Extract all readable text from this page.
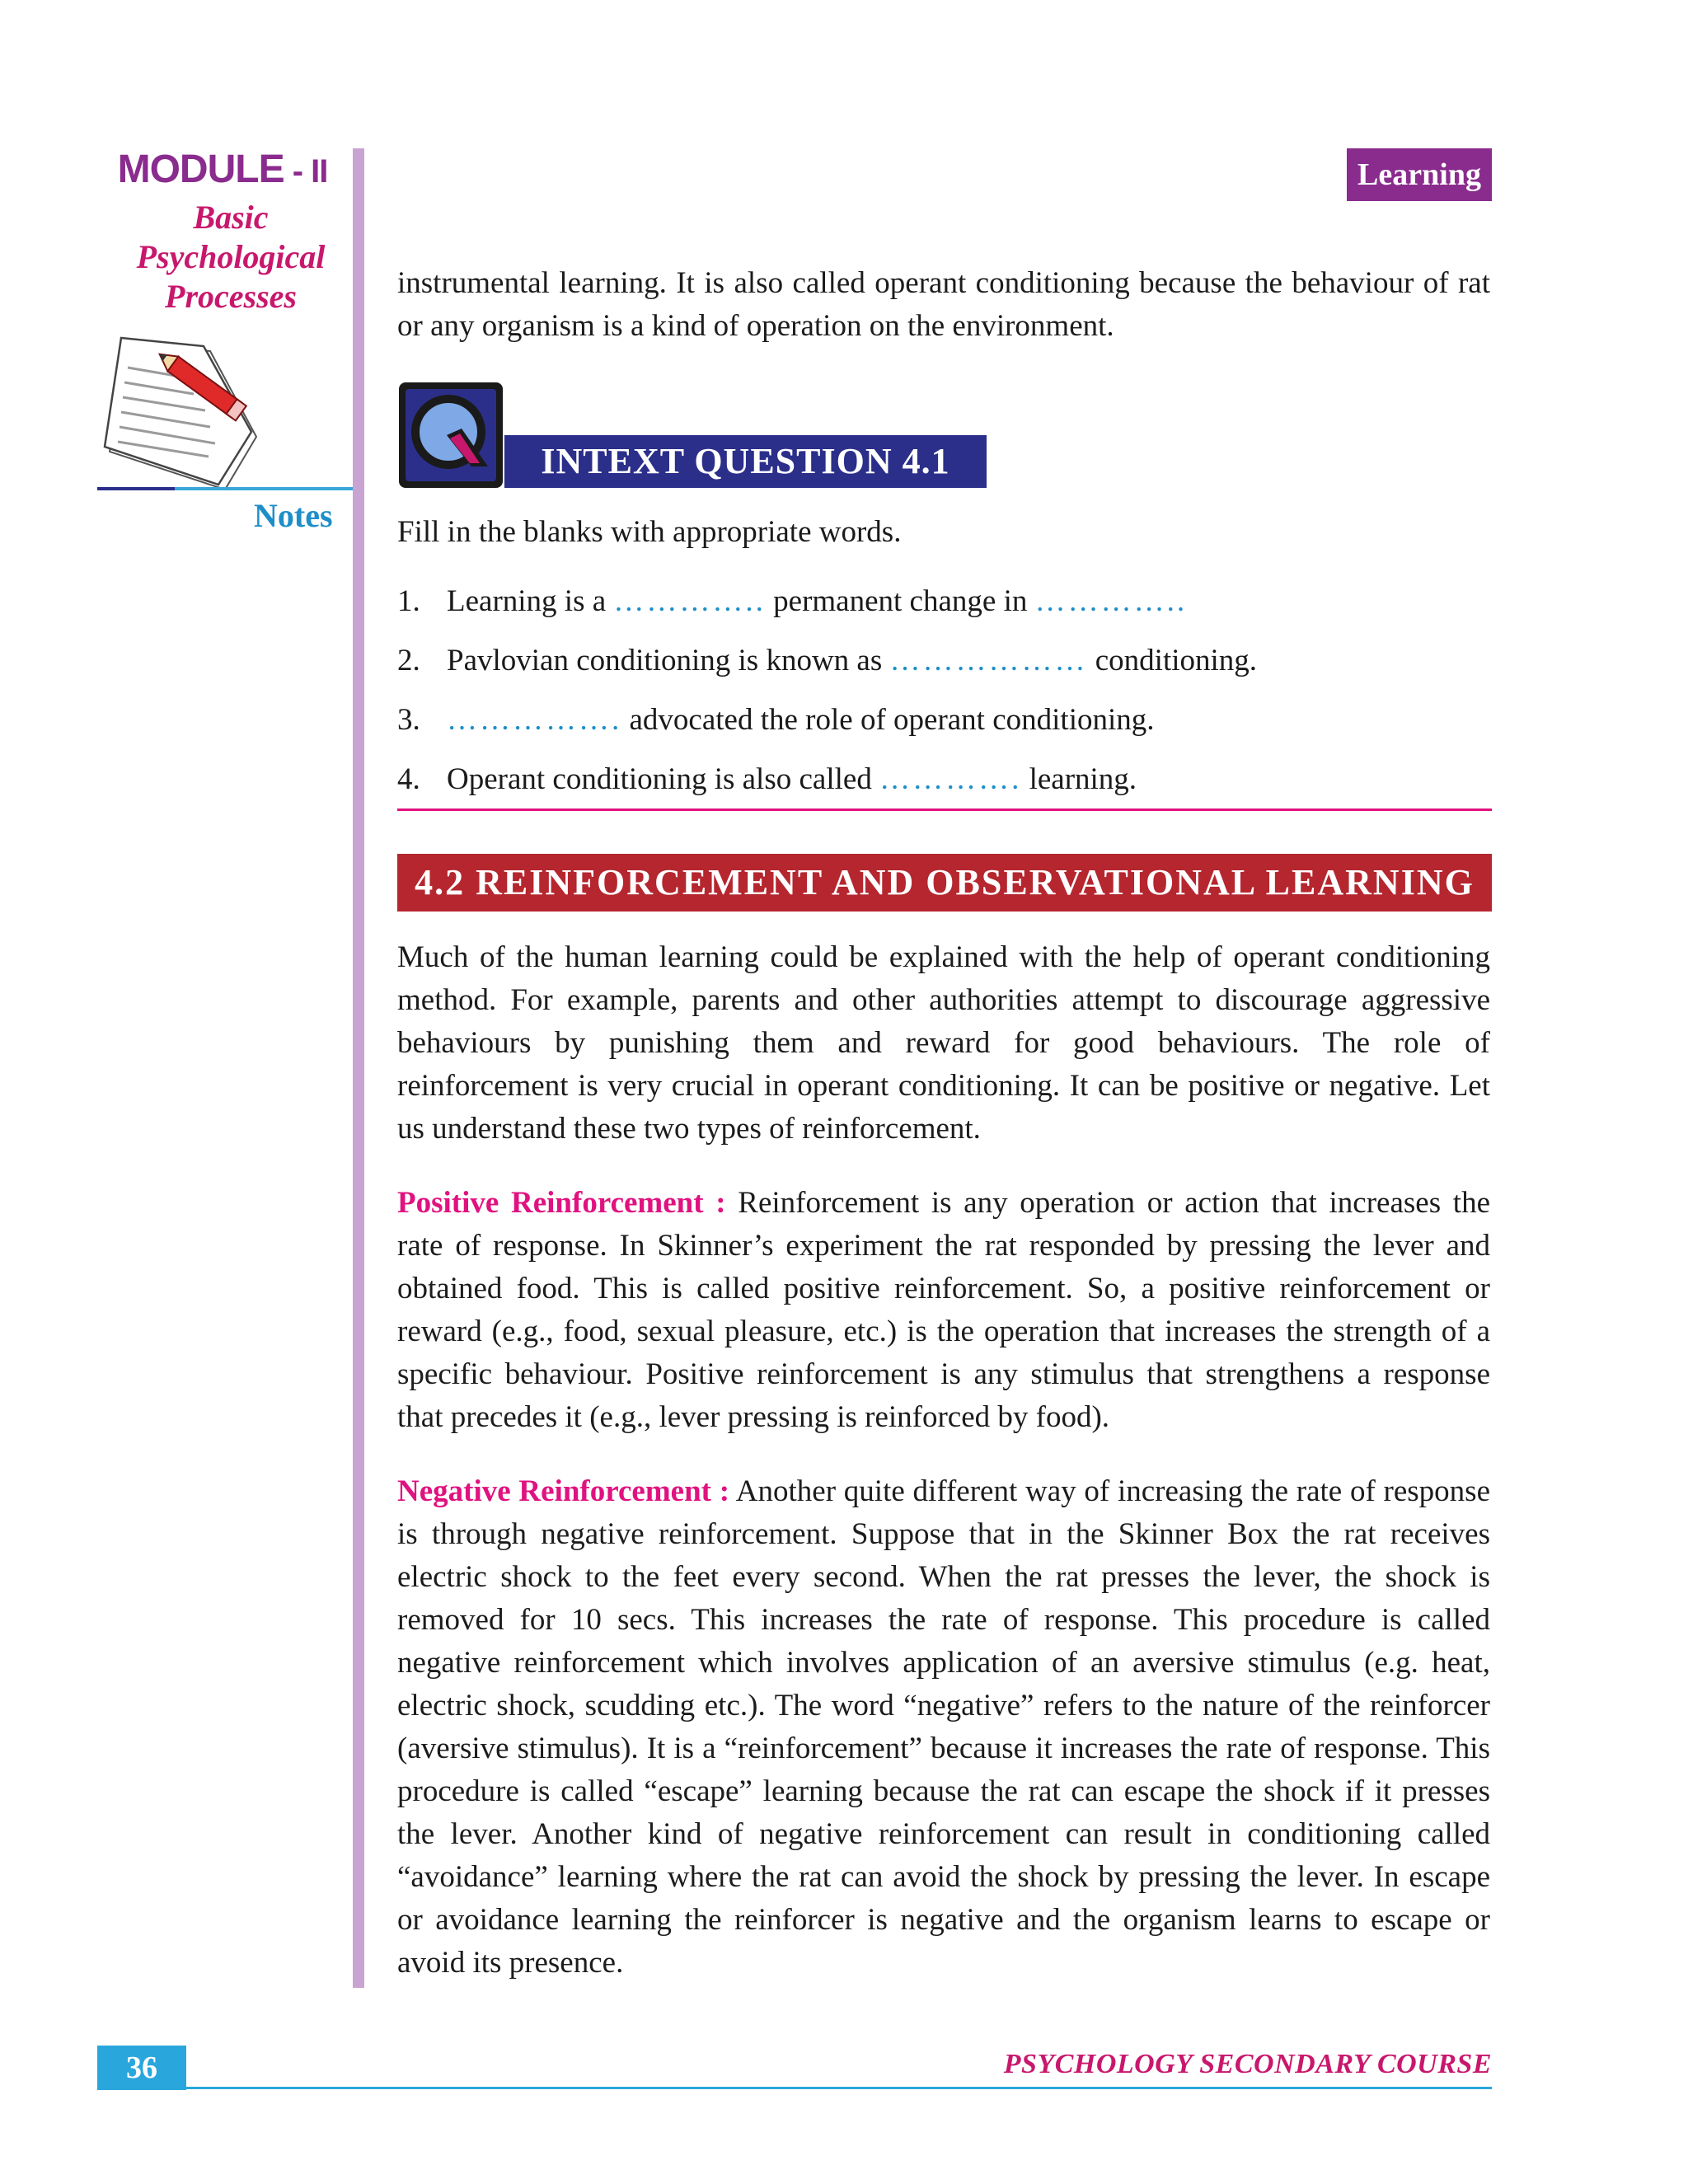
MODULE - II
Basic
Psychological
Processes
Notes
Learning

instrumental learning. It is also called operant conditioning because the behaviour of rat or any organism is a kind of operation on the environment.

INTEXT QUESTION 4.1
Fill in the blanks with appropriate words.
1. Learning is a ………….. permanent change in …………..
2. Pavlovian conditioning is known as ……………… conditioning.
3. ……………. advocated the role of operant conditioning.
4. Operant conditioning is also called …………. learning.
4.2 REINFORCEMENT AND OBSERVATIONAL LEARNING

Much of the human learning could be explained with the help of operant conditioning method. For example, parents and other authorities attempt to discourage aggressive behaviours by punishing them and reward for good behaviours. The role of reinforcement is very crucial in operant conditioning. It can be positive or negative. Let us understand these two types of reinforcement.

Positive Reinforcement : Reinforcement is any operation or action that increases the rate of response. In Skinner’s experiment the rat responded by pressing the lever and obtained food. This is called positive reinforcement. So, a positive reinforcement or reward (e.g., food, sexual pleasure, etc.) is the operation that increases the strength of a specific behaviour. Positive reinforcement is any stimulus that strengthens a response that precedes it (e.g., lever pressing is reinforced by food).

Negative Reinforcement : Another quite different way of increasing the rate of response is through negative reinforcement. Suppose that in the Skinner Box the rat receives electric shock to the feet every second. When the rat presses the lever, the shock is removed for 10 secs. This increases the rate of response. This procedure is called negative reinforcement which involves application of an aversive stimulus (e.g. heat, electric shock, scudding etc.). The word “negative” refers to the nature of the reinforcer (aversive stimulus). It is a “reinforcement” because it increases the rate of response. This procedure is called “escape” learning because the rat can escape the shock if it presses the lever. Another kind of negative reinforcement can result in conditioning called “avoidance” learning where the rat can avoid the shock by pressing the lever. In escape or avoidance learning the reinforcer is negative and the organism learns to escape or avoid its presence.

36	PSYCHOLOGY SECONDARY COURSE
